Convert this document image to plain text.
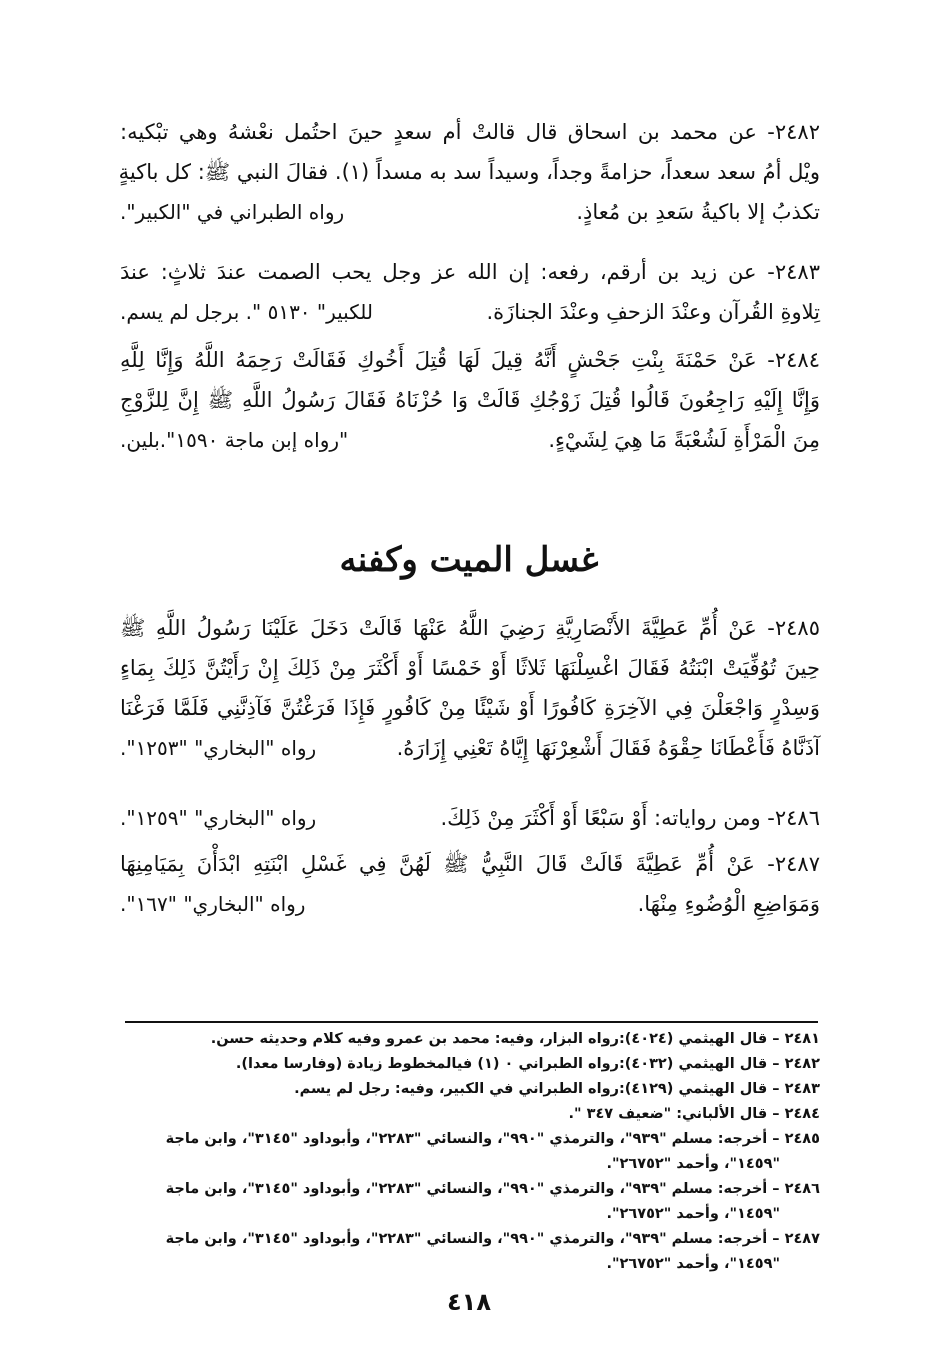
٢٤٨٢- عن محمد بن اسحاق قال قالتْ أم سعدٍ حينَ احتُمل نعْشهُ وهي تبْكيه:
ويْل أمُ سعد سعداً، حزامةً وجداً، وسيداً سد به مسداً (١). فقالَ النبي ﷺ: كل باكيةٍ
تكذبُ إلا باكيةُ سَعدِ بن مُعاذٍ.
رواه الطبراني في "الكبير".
٢٤٨٣- عن زيد بن أرقم، رفعه: إن الله عز وجل يحب الصمت عندَ ثلاثٍ: عندَ
تِلاوةِ القُرآن وعنْدَ الزحفِ وعنْدَ الجنازَة.
للكبير" ٥١٣٠ ". برجل لم يسم.
٢٤٨٤- عَنْ حَمْنَةَ بِنْتِ جَحْشٍ أَنَّهُ قِيلَ لَهَا قُتِلَ أَخُوكِ فَقَالَتْ رَحِمَهُ اللَّهُ وَإِنَّا لِلَّهِ
وَإِنَّا إِلَيْهِ رَاجِعُونَ قَالُوا قُتِلَ زَوْجُكِ قَالَتْ وَا حُزْنَاهُ فَقَالَ رَسُولُ اللَّهِ ﷺ إِنَّ لِلزَّوْجِ
مِنَ الْمَرْأَةِ لَشُعْبَةً مَا هِيَ لِشَيْءٍ.
"رواه إبن ماجة ١٥٩٠".بلين.
غسل الميت وكفنه
٢٤٨٥- عَنْ أُمِّ عَطِيَّةَ الأَنْصَارِيَّةِ رَضِيَ اللَّهُ عَنْهَا قَالَتْ دَخَلَ عَلَيْنَا رَسُولُ اللَّهِ ﷺ
حِينَ تُوُفِّيَتْ ابْنَتُهُ فَقَالَ اغْسِلْنَهَا ثَلاثًا أَوْ خَمْسًا أَوْ أَكْثَرَ مِنْ ذَلِكَ إِنْ رَأَيْتُنَّ ذَلِكَ بِمَاءٍ
وَسِدْرٍ وَاجْعَلْنَ فِي الآخِرَةِ كَافُورًا أَوْ شَيْئًا مِنْ كَافُورٍ فَإِذَا فَرَغْتُنَّ فَآذِنَّنِي فَلَمَّا فَرَغْنَا
آذَنَّاهُ فَأَعْطَانَا حِقْوَهُ فَقَالَ أَشْعِرْنَهَا إِيَّاهُ تَعْنِي إِزَارَهُ.
رواه "البخاري" "١٢٥٣".
٢٤٨٦- ومن رواياته: أَوْ سَبْعًا أَوْ أَكْثَرَ مِنْ ذَلِكَ.
رواه "البخاري" "١٢٥٩".
٢٤٨٧- عَنْ أُمِّ عَطِيَّةَ قَالَتْ قَالَ النَّبِيُّ ﷺ لَهُنَّ فِي غَسْلِ ابْنَتِهِ ابْدَأْنَ بِمَيَامِنِهَا
وَمَوَاضِعِ الْوُضُوءِ مِنْهَا.
رواه "البخاري" "١٦٧".
٢٤٨١ – قال الهيثمي (٤٠٢٤):رواه البزار، وفيه: محمد بن عمرو وفيه كلام وحديثه حسن.
٢٤٨٢ – قال الهيثمي (٤٠٣٢):رواه الطبراني ٠ (١) فيالمخطوط زيادة (وفارسا معدا).
٢٤٨٣ – قال الهيثمي (٤١٢٩):رواه الطبراني في الكبير، وفيه: رجل لم يسم.
٢٤٨٤ – قال الألباني: "ضعيف ٣٤٧ ".
٢٤٨٥ – أخرجه: مسلم "٩٣٩"، والترمذي "٩٩٠"، والنسائي "٢٢٨٣"، وأبوداود "٣١٤٥"، وابن ماجة
"١٤٥٩"، وأحمد "٢٦٧٥٢".
٢٤٨٦ – أخرجه: مسلم "٩٣٩"، والترمذي "٩٩٠"، والنسائي "٢٢٨٣"، وأبوداود "٣١٤٥"، وابن ماجة
"١٤٥٩"، وأحمد "٢٦٧٥٢".
٢٤٨٧ – أخرجه: مسلم "٩٣٩"، والترمذي "٩٩٠"، والنسائي "٢٢٨٣"، وأبوداود "٣١٤٥"، وابن ماجة
"١٤٥٩"، وأحمد "٢٦٧٥٢".
٤١٨
